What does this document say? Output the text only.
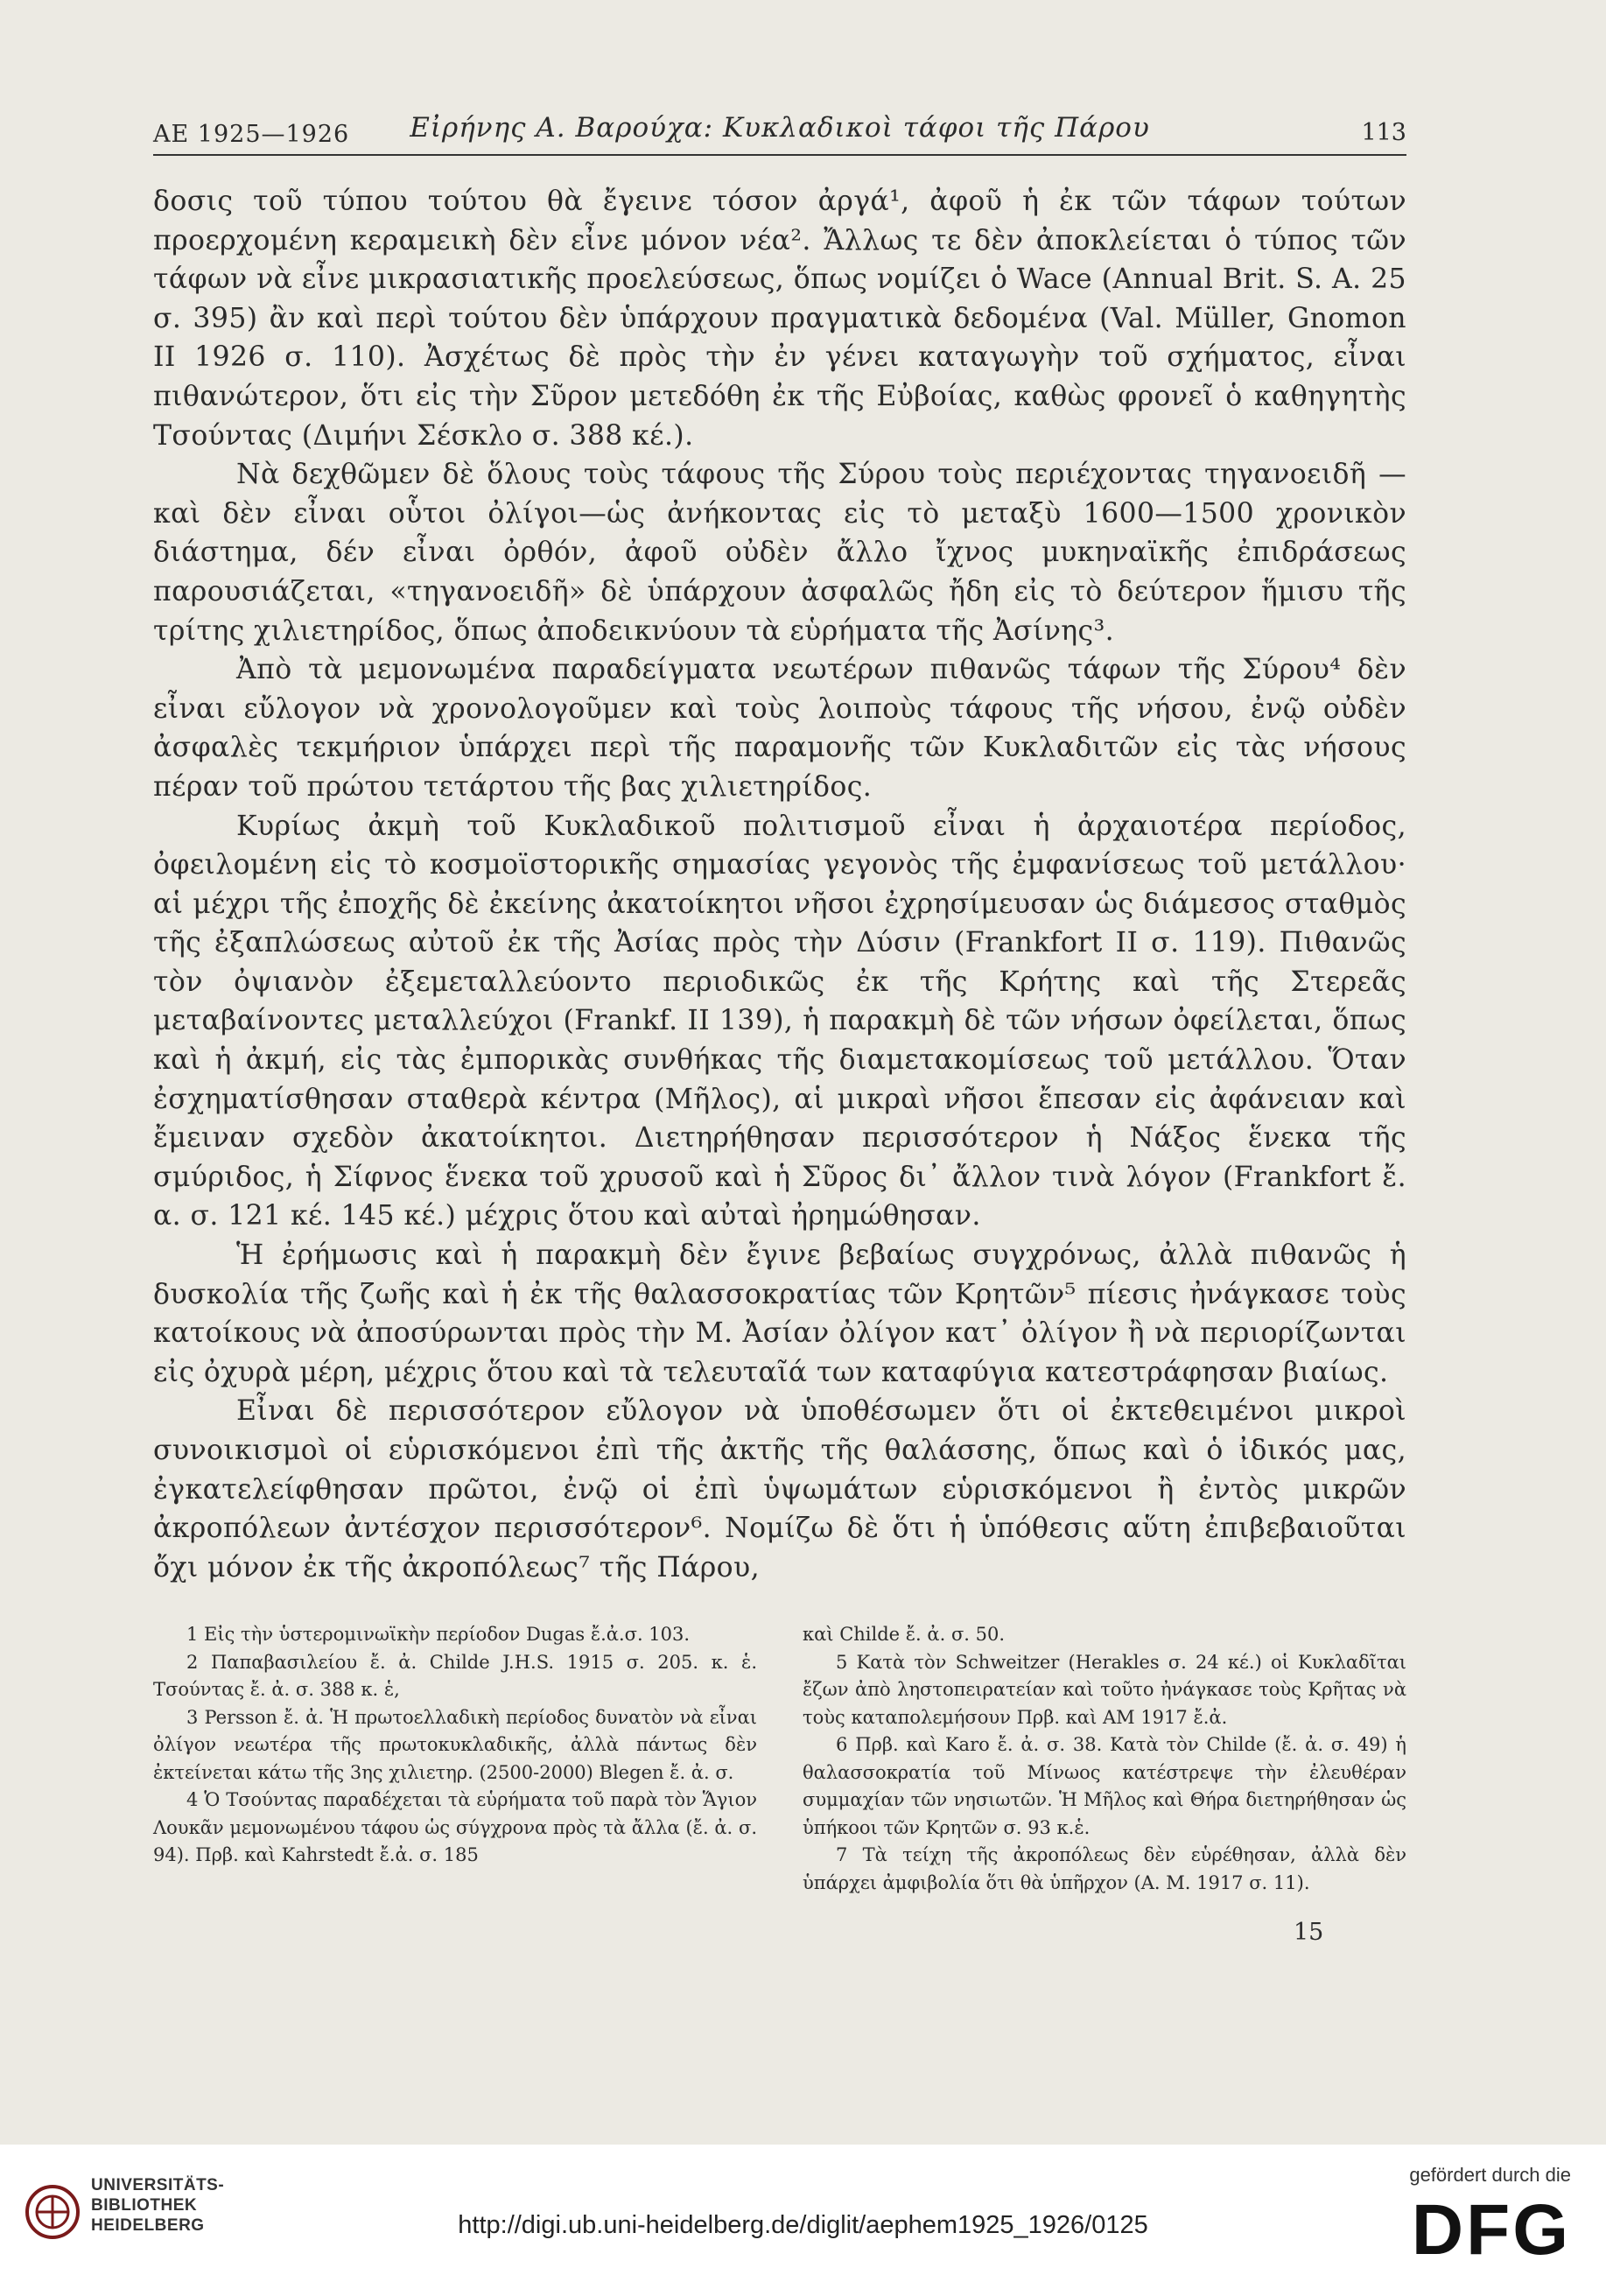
ΑΕ 1925—1926	Εἰρήνης Α. Βαρούχα: Κυκλαδικοὶ τάφοι τῆς Πάρου	113

δοσις τοῦ τύπου τούτου θὰ ἔγεινε τόσον ἀργά¹, ἀφοῦ ἡ ἐκ τῶν τάφων τούτων προερχομένη κεραμεικὴ δὲν εἶνε μόνον νέα². Ἄλλως τε δὲν ἀποκλείεται ὁ τύπος τῶν τάφων νὰ εἶνε μικρασιατικῆς προελεύσεως, ὅπως νομίζει ὁ Wace (Annual Brit. S. A. 25 σ. 395) ἂν καὶ περὶ τούτου δὲν ὑπάρχουν πραγματικὰ δεδομένα (Val. Müller, Gnomon II 1926 σ. 110). Ἀσχέτως δὲ πρὸς τὴν ἐν γένει καταγωγὴν τοῦ σχήματος, εἶναι πιθανώτερον, ὅτι εἰς τὴν Σῦρον μετεδόθη ἐκ τῆς Εὐβοίας, καθὼς φρονεῖ ὁ καθηγητὴς Τσούντας (Διμήνι Σέσκλο σ. 388 κέ.).

Νὰ δεχθῶμεν δὲ ὅλους τοὺς τάφους τῆς Σύρου τοὺς περιέχοντας τηγανοειδῆ — καὶ δὲν εἶναι οὗτοι ὀλίγοι—ὡς ἀνήκοντας εἰς τὸ μεταξὺ 1600—1500 χρονικὸν διάστημα, δέν εἶναι ὀρθόν, ἀφοῦ οὐδὲν ἄλλο ἴχνος μυκηναϊκῆς ἐπιδράσεως παρουσιάζεται, «τηγανοειδῆ» δὲ ὑπάρχουν ἀσφαλῶς ἤδη εἰς τὸ δεύτερον ἥμισυ τῆς τρίτης χιλιετηρίδος, ὅπως ἀποδεικνύουν τὰ εὑρήματα τῆς Ἀσίνης³.

Ἀπὸ τὰ μεμονωμένα παραδείγματα νεωτέρων πιθανῶς τάφων τῆς Σύρου⁴ δὲν εἶναι εὔλογον νὰ χρονολογοῦμεν καὶ τοὺς λοιποὺς τάφους τῆς νήσου, ἐνῷ οὐδὲν ἀσφαλὲς τεκμήριον ὑπάρχει περὶ τῆς παραμονῆς τῶν Κυκλαδιτῶν εἰς τὰς νήσους πέραν τοῦ πρώτου τετάρτου τῆς βας χιλιετηρίδος.

Κυρίως ἀκμὴ τοῦ Κυκλαδικοῦ πολιτισμοῦ εἶναι ἡ ἀρχαιοτέρα περίοδος, ὀφειλομένη εἰς τὸ κοσμοϊστορικῆς σημασίας γεγονὸς τῆς ἐμφανίσεως τοῦ μετάλλου· αἱ μέχρι τῆς ἐποχῆς δὲ ἐκείνης ἀκατοίκητοι νῆσοι ἐχρησίμευσαν ὡς διάμεσος σταθμὸς τῆς ἐξαπλώσεως αὐτοῦ ἐκ τῆς Ἀσίας πρὸς τὴν Δύσιν (Frankfort II σ. 119). Πιθανῶς τὸν ὀψιανὸν ἐξεμεταλλεύοντο περιοδικῶς ἐκ τῆς Κρήτης καὶ τῆς Στερεᾶς μεταβαίνοντες μεταλλεύχοι (Frankf. II 139), ἡ παρακμὴ δὲ τῶν νήσων ὀφείλεται, ὅπως καὶ ἡ ἀκμή, εἰς τὰς ἐμπορικὰς συνθήκας τῆς διαμετακομίσεως τοῦ μετάλλου. Ὅταν ἐσχηματίσθησαν σταθερὰ κέντρα (Μῆλος), αἱ μικραὶ νῆσοι ἔπεσαν εἰς ἀφάνειαν καὶ ἔμειναν σχεδὸν ἀκατοίκητοι. Διετηρήθησαν περισσότερον ἡ Νάξος ἕνεκα τῆς σμύριδος, ἡ Σίφνος ἕνεκα τοῦ χρυσοῦ καὶ ἡ Σῦρος δι᾽ ἄλλον τινὰ λόγον (Frankfort ἔ. α. σ. 121 κέ. 145 κέ.) μέχρις ὅτου καὶ αὐταὶ ἠρημώθησαν.

Ἡ ἐρήμωσις καὶ ἡ παρακμὴ δὲν ἔγινε βεβαίως συγχρόνως, ἀλλὰ πιθανῶς ἡ δυσκολία τῆς ζωῆς καὶ ἡ ἐκ τῆς θαλασσοκρατίας τῶν Κρητῶν⁵ πίεσις ἠνάγκασε τοὺς κατοίκους νὰ ἀποσύρωνται πρὸς τὴν Μ. Ἀσίαν ὀλίγον κατ᾽ ὀλίγον ἢ νὰ περιορίζωνται εἰς ὀχυρὰ μέρη, μέχρις ὅτου καὶ τὰ τελευταῖά των καταφύγια κατεστράφησαν βιαίως.

Εἶναι δὲ περισσότερον εὔλογον νὰ ὑποθέσωμεν ὅτι οἱ ἐκτεθειμένοι μικροὶ συνοικισμοὶ οἱ εὑρισκόμενοι ἐπὶ τῆς ἀκτῆς τῆς θαλάσσης, ὅπως καὶ ὁ ἰδικός μας, ἐγκατελείφθησαν πρῶτοι, ἐνῷ οἱ ἐπὶ ὑψωμάτων εὑρισκόμενοι ἢ ἐντὸς μικρῶν ἀκροπόλεων ἀντέσχον περισσότερον⁶. Νομίζω δὲ ὅτι ἡ ὑπόθεσις αὕτη ἐπιβεβαιοῦται ὄχι μόνον ἐκ τῆς ἀκροπόλεως⁷ τῆς Πάρου,

1 Εἰς τὴν ὑστερομινωϊκὴν περίοδον Dugas ἔ.ἀ.σ. 103.

2 Παπαβασιλείου ἔ. ἀ. Childe J.H.S. 1915 σ. 205. κ. ἑ. Τσούντας ἔ. ἀ. σ. 388 κ. ἑ,

3 Persson ἔ. ἀ. Ἡ πρωτοελλαδικὴ περίοδος δυνατὸν νὰ εἶναι ὀλίγον νεωτέρα τῆς πρωτοκυκλαδικῆς, ἀλλὰ πάντως δὲν ἐκτείνεται κάτω τῆς 3ης χιλιετηρ. (2500-2000) Blegen ἔ. ἀ. σ.

4 Ὁ Τσούντας παραδέχεται τὰ εὑρήματα τοῦ παρὰ τὸν Ἅγιον Λουκᾶν μεμονωμένου τάφου ὡς σύγχρονα πρὸς τὰ ἄλλα (ἔ. ἀ. σ. 94). Πρβ. καὶ Kahrstedt ἔ.ἀ. σ. 185

καὶ Childe ἔ. ἀ. σ. 50.

5 Κατὰ τὸν Schweitzer (Herakles σ. 24 κέ.) οἱ Κυκλαδῖται ἔζων ἀπὸ ληστοπειρατείαν καὶ τοῦτο ἠνάγκασε τοὺς Κρῆτας νὰ τοὺς καταπολεμήσουν Πρβ. καὶ AM 1917 ἔ.ἀ.

6 Πρβ. καὶ Karo ἔ. ἀ. σ. 38. Κατὰ τὸν Childe (ἔ. ἀ. σ. 49) ἡ θαλασσοκρατία τοῦ Μίνωος κατέστρεψε τὴν ἐλευθέραν συμμαχίαν τῶν νησιωτῶν. Ἡ Μῆλος καὶ Θήρα διετηρήθησαν ὡς ὑπήκοοι τῶν Κρητῶν σ. 93 κ.ἑ.

7 Τὰ τείχη τῆς ἀκροπόλεως δὲν εὑρέθησαν, ἀλλὰ δὲν ὑπάρχει ἀμφιβολία ὅτι θὰ ὑπῆρχον (A. M. 1917 σ. 11).

15
UNIVERSITÄTS-
BIBLIOTHEK
HEIDELBERG	http://digi.ub.uni-heidelberg.de/diglit/aephem1925_1926/0125
gefördert durch die
DFG
